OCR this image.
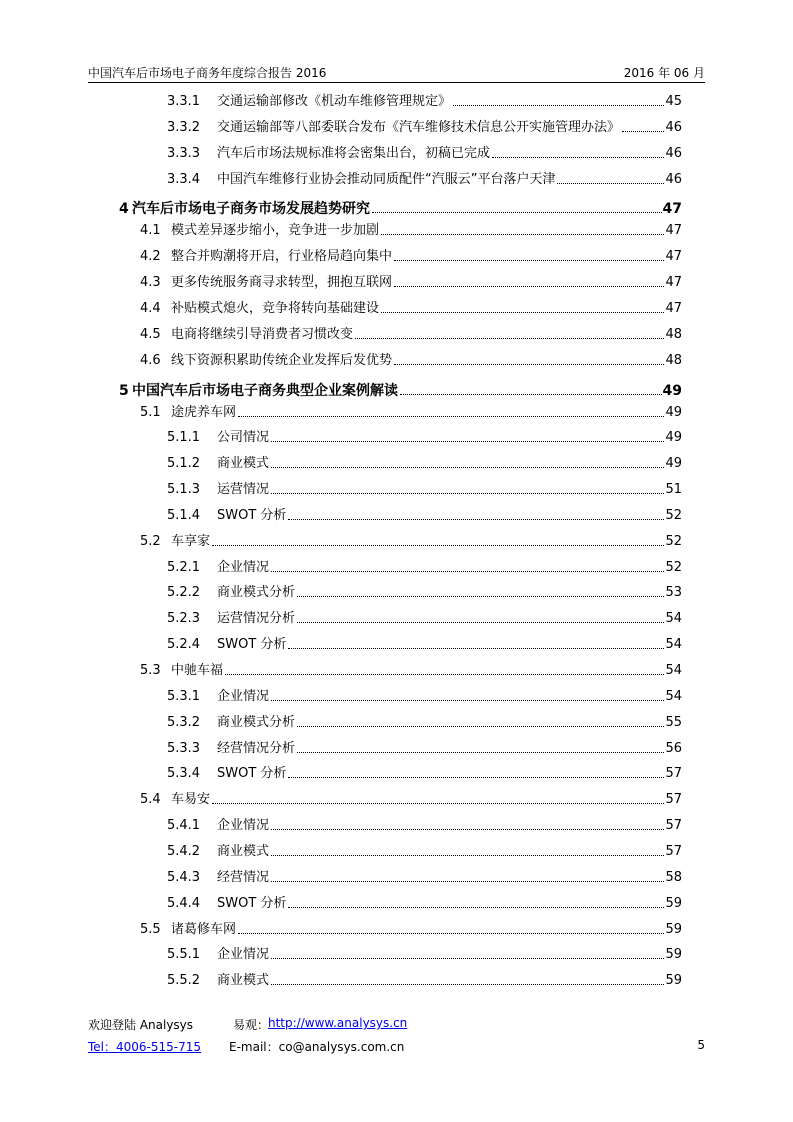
中国汽车后市场电子商务年度综合报告 2016	2016 年 06 月
3.3.1	交通运输部修改《机动车维修管理规定》	45
3.3.2	交通运输部等八部委联合发布《汽车维修技术信息公开实施管理办法》	46
3.3.3	汽车后市场法规标准将会密集出台，初稿已完成	46
3.3.4	中国汽车维修行业协会推动同质配件“汽服云”平台落户天津	46
4 汽车后市场电子商务市场发展趋势研究	47
4.1 模式差异逐步缩小，竞争进一步加剧	47
4.2 整合并购潮将开启，行业格局趋向集中	47
4.3 更多传统服务商寻求转型，拥抱互联网	47
4.4 补贴模式熄火，竞争将转向基础建设	47
4.5 电商将继续引导消费者习惯改变	48
4.6 线下资源积累助传统企业发挥后发优势	48
5 中国汽车后市场电子商务典型企业案例解读	49
5.1 途虎养车网	49
5.1.1	公司情况	49
5.1.2	商业模式	49
5.1.3	运营情况	51
5.1.4	SWOT 分析	52
5.2 车享家	52
5.2.1	企业情况	52
5.2.2	商业模式分析	53
5.2.3	运营情况分析	54
5.2.4	SWOT 分析	54
5.3 中驰车福	54
5.3.1	企业情况	54
5.3.2	商业模式分析	55
5.3.3	经营情况分析	56
5.3.4	SWOT 分析	57
5.4 车易安	57
5.4.1	企业情况	57
5.4.2	商业模式	57
5.4.3	经营情况	58
5.4.4	SWOT 分析	59
5.5 诸葛修车网	59
5.5.1	企业情况	59
5.5.2	商业模式	59
欢迎登陆 Analysys	易观：
http://www.analysys.cn
Tel：4006-515-715 E-mail：co@analysys.com.cn	5
